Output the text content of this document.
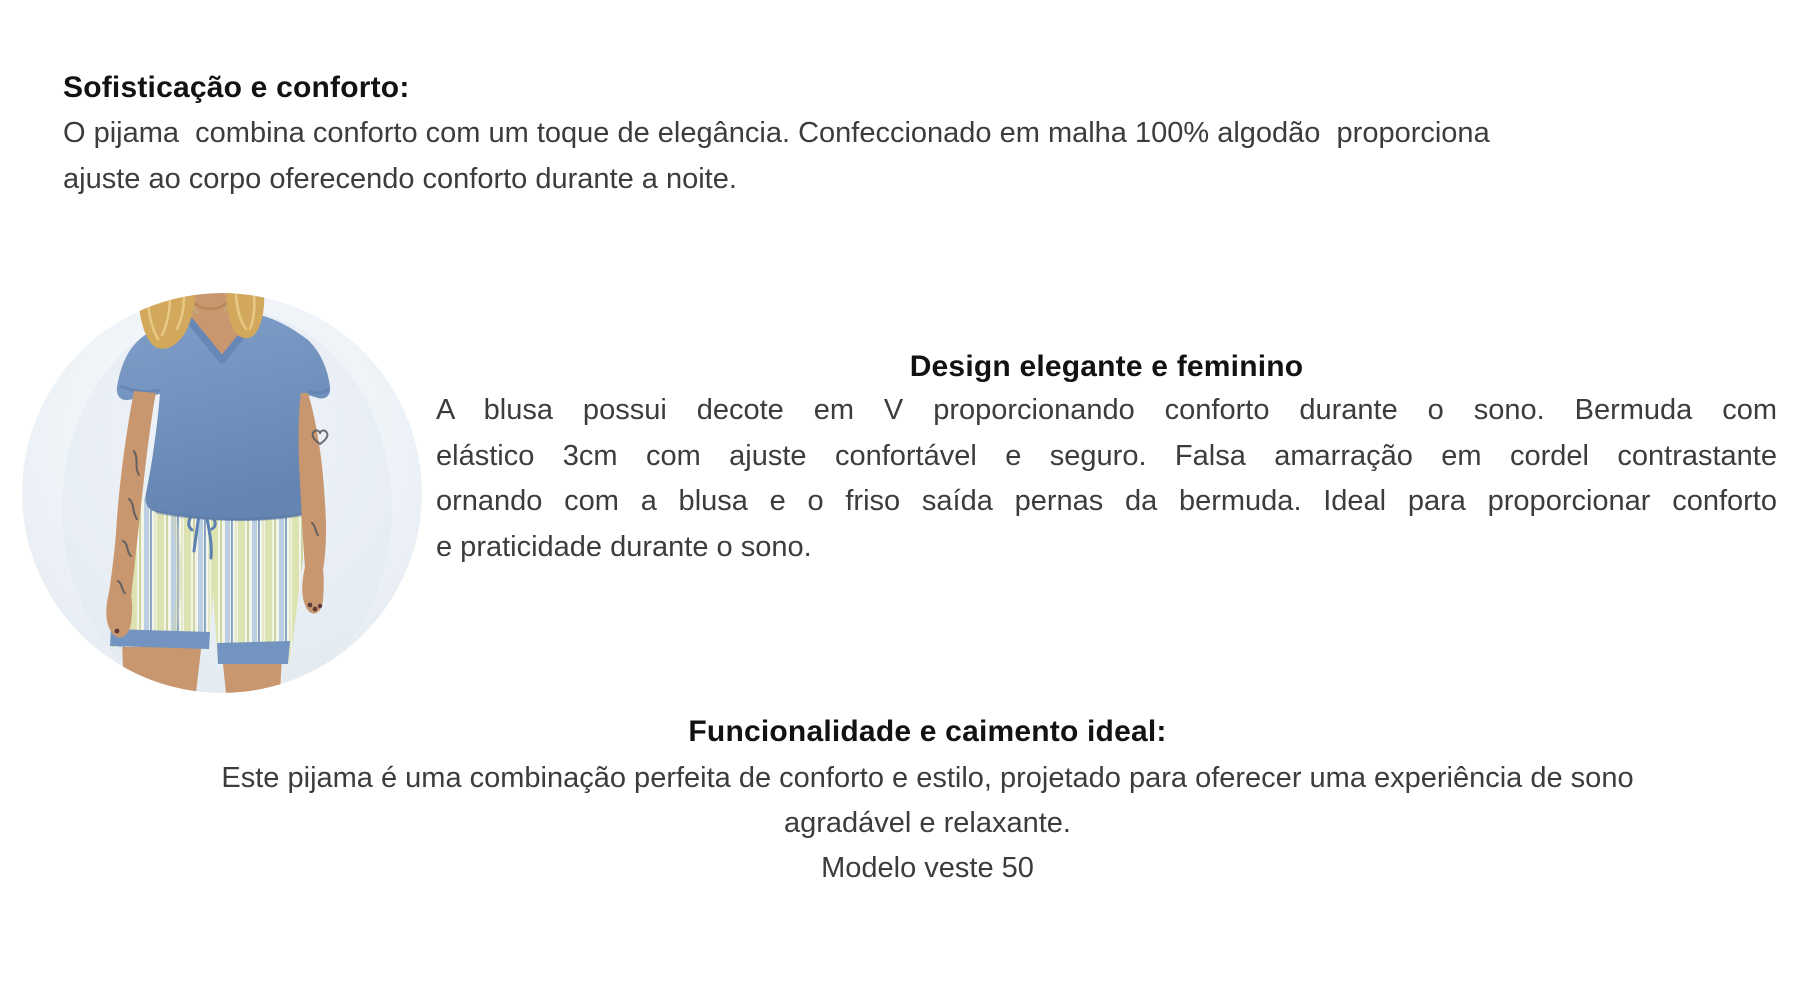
Sofisticação e conforto:
O pijama  combina conforto com um toque de elegância. Confeccionado em malha 100% algodão  proporciona
ajuste ao corpo oferecendo conforto durante a noite.
Design elegante e feminino
A blusa possui decote em V proporcionando conforto durante o sono. Bermuda com
elástico 3cm com ajuste confortável e seguro. Falsa amarração em cordel contrastante
ornando com a blusa e o friso saída pernas da bermuda. Ideal para proporcionar conforto
e praticidade durante o sono.
Funcionalidade e caimento ideal:
Este pijama é uma combinação perfeita de conforto e estilo, projetado para oferecer uma experiência de sono
agradável e relaxante.
Modelo veste 50
